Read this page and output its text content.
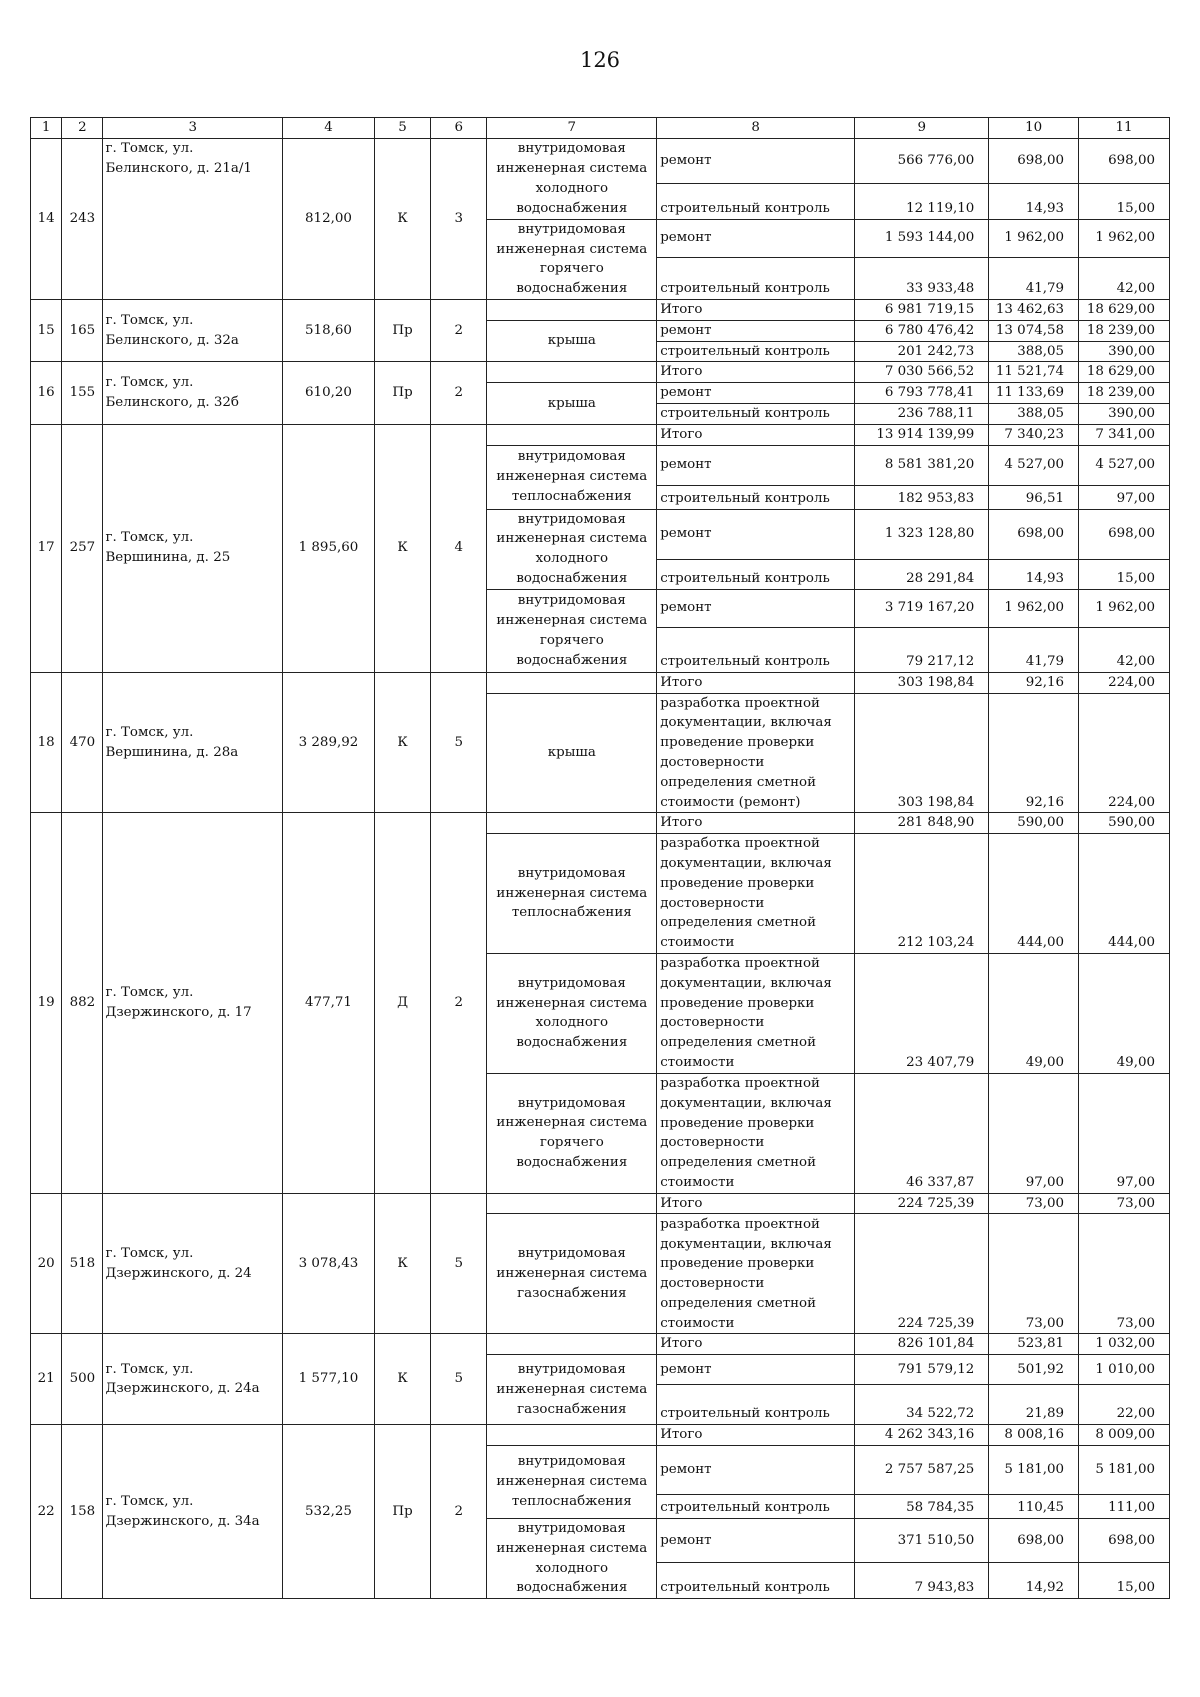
126
1	2	3	4	5	6	7	8	9	10	11
14	243	г. Томск, ул. Белинского, д. 21а/1	812,00	К	3	внутридомовая инженерная система холодного водоснабжения	ремонт	566 776,00	698,00	698,00
							строительный контроль	12 119,10	14,93	15,00
						внутридомовая инженерная система горячего водоснабжения	ремонт	1 593 144,00	1 962,00	1 962,00
							строительный контроль	33 933,48	41,79	42,00
15	165	г. Томск, ул. Белинского, д. 32а	518,60	Пр	2		Итого	6 981 719,15	13 462,63	18 629,00
						крыша	ремонт	6 780 476,42	13 074,58	18 239,00
							строительный контроль	201 242,73	388,05	390,00
16	155	г. Томск, ул. Белинского, д. 32б	610,20	Пр	2		Итого	7 030 566,52	11 521,74	18 629,00
						крыша	ремонт	6 793 778,41	11 133,69	18 239,00
							строительный контроль	236 788,11	388,05	390,00
17	257	г. Томск, ул. Вершинина, д. 25	1 895,60	К	4		Итого	13 914 139,99	7 340,23	7 341,00
						внутридомовая инженерная система теплоснабжения	ремонт	8 581 381,20	4 527,00	4 527,00
							строительный контроль	182 953,83	96,51	97,00
						внутридомовая инженерная система холодного водоснабжения	ремонт	1 323 128,80	698,00	698,00
							строительный контроль	28 291,84	14,93	15,00
						внутридомовая инженерная система горячего водоснабжения	ремонт	3 719 167,20	1 962,00	1 962,00
							строительный контроль	79 217,12	41,79	42,00
18	470	г. Томск, ул. Вершинина, д. 28а	3 289,92	К	5		Итого	303 198,84	92,16	224,00
						крыша	разработка проектной документации, включая проведение проверки достоверности определения сметной стоимости (ремонт)	303 198,84	92,16	224,00
19	882	г. Томск, ул. Дзержинского, д. 17	477,71	Д	2		Итого	281 848,90	590,00	590,00
						внутридомовая инженерная система теплоснабжения	разработка проектной документации, включая проведение проверки достоверности определения сметной стоимости	212 103,24	444,00	444,00
						внутридомовая инженерная система холодного водоснабжения	разработка проектной документации, включая проведение проверки достоверности определения сметной стоимости	23 407,79	49,00	49,00
						внутридомовая инженерная система горячего водоснабжения	разработка проектной документации, включая проведение проверки достоверности определения сметной стоимости	46 337,87	97,00	97,00
20	518	г. Томск, ул. Дзержинского, д. 24	3 078,43	К	5		Итого	224 725,39	73,00	73,00
						внутридомовая инженерная система газоснабжения	разработка проектной документации, включая проведение проверки достоверности определения сметной стоимости	224 725,39	73,00	73,00
21	500	г. Томск, ул. Дзержинского, д. 24а	1 577,10	К	5		Итого	826 101,84	523,81	1 032,00
						внутридомовая инженерная система газоснабжения	ремонт	791 579,12	501,92	1 010,00
							строительный контроль	34 522,72	21,89	22,00
22	158	г. Томск, ул. Дзержинского, д. 34а	532,25	Пр	2		Итого	4 262 343,16	8 008,16	8 009,00
						внутридомовая инженерная система теплоснабжения	ремонт	2 757 587,25	5 181,00	5 181,00
							строительный контроль	58 784,35	110,45	111,00
						внутридомовая инженерная система холодного водоснабжения	ремонт	371 510,50	698,00	698,00
							строительный контроль	7 943,83	14,92	15,00
